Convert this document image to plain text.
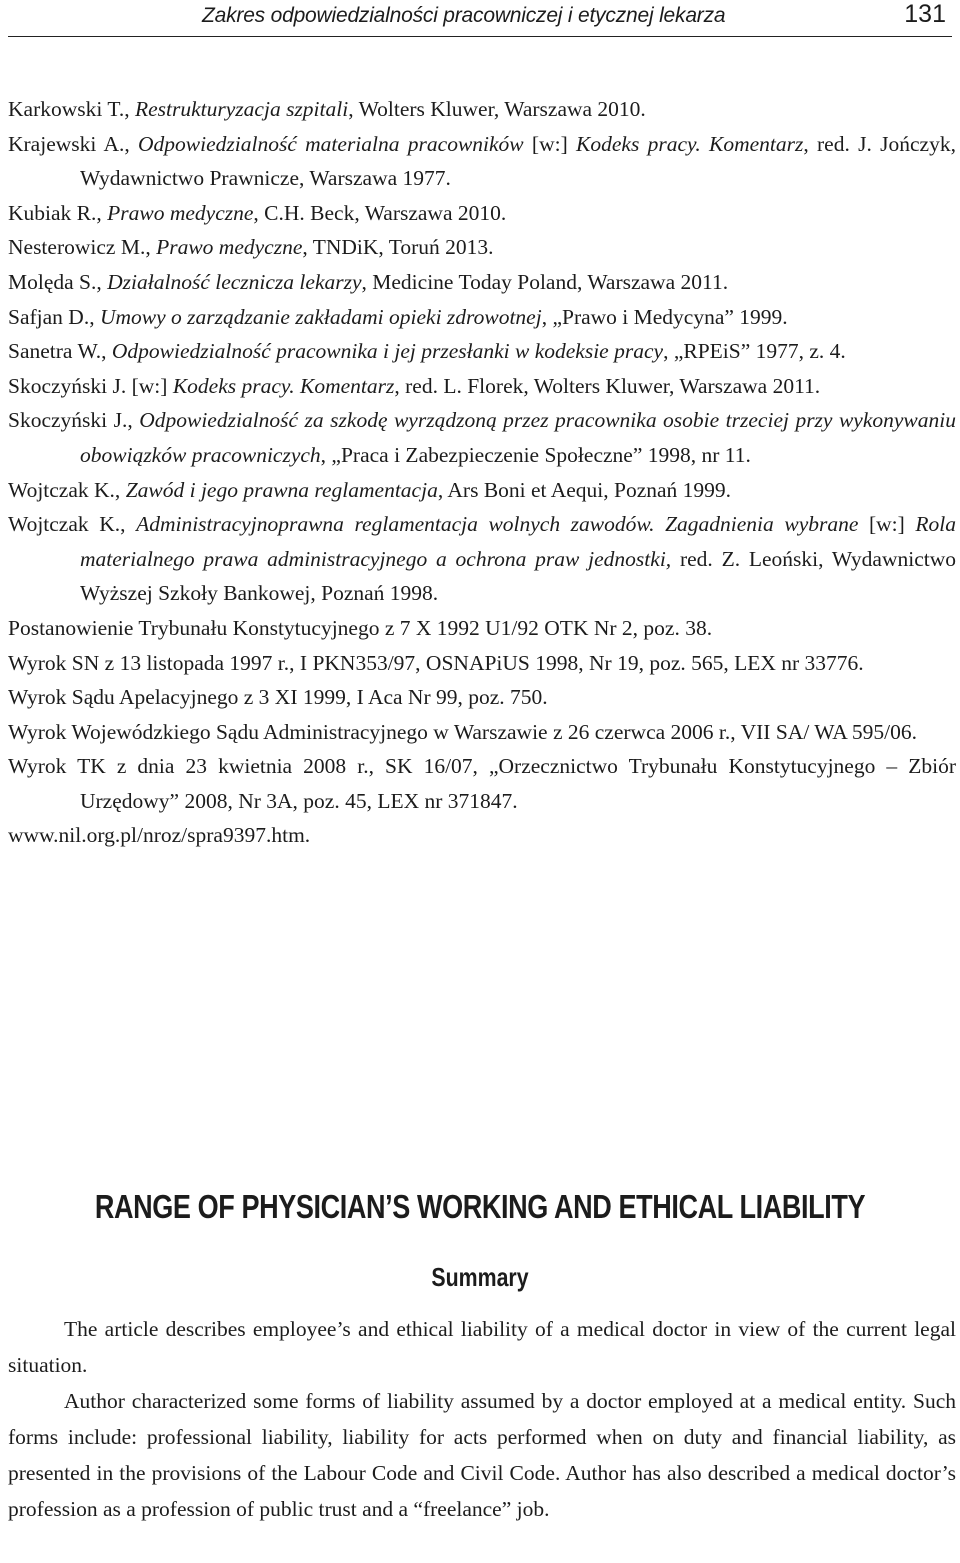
Zakres odpowiedzialności pracowniczej i etycznej lekarza	131
Karkowski T., Restrukturyzacja szpitali, Wolters Kluwer, Warszawa 2010.
Krajewski A., Odpowiedzialność materialna pracowników [w:] Kodeks pracy. Komentarz, red. J. Jończyk, Wydawnictwo Prawnicze, Warszawa 1977.
Kubiak R., Prawo medyczne, C.H. Beck, Warszawa 2010.
Nesterowicz M., Prawo medyczne, TNDiK, Toruń 2013.
Molęda S., Działalność lecznicza lekarzy, Medicine Today Poland, Warszawa 2011.
Safjan D., Umowy o zarządzanie zakładami opieki zdrowotnej, „Prawo i Medycyna” 1999.
Sanetra W., Odpowiedzialność pracownika i jej przesłanki w kodeksie pracy, „RPEiS” 1977, z. 4.
Skoczyński J. [w:] Kodeks pracy. Komentarz, red. L. Florek, Wolters Kluwer, Warszawa 2011.
Skoczyński J., Odpowiedzialność za szkodę wyrządzoną przez pracownika osobie trzeciej przy wykonywaniu obowiązków pracowniczych, „Praca i Zabezpieczenie Społeczne” 1998, nr 11.
Wojtczak K., Zawód i jego prawna reglamentacja, Ars Boni et Aequi, Poznań 1999.
Wojtczak K., Administracyjnoprawna reglamentacja wolnych zawodów. Zagadnienia wybrane [w:] Rola materialnego prawa administracyjnego a ochrona praw jednostki, red. Z. Leoński, Wydawnictwo Wyższej Szkoły Bankowej, Poznań 1998.
Postanowienie Trybunału Konstytucyjnego z 7 X 1992 U1/92 OTK Nr 2, poz. 38.
Wyrok SN z 13 listopada 1997 r., I PKN353/97, OSNAPiUS 1998, Nr 19, poz. 565, LEX nr 33776.
Wyrok Sądu Apelacyjnego z 3 XI 1999, I Aca Nr 99, poz. 750.
Wyrok Wojewódzkiego Sądu Administracyjnego w Warszawie z 26 czerwca 2006 r., VII SA/ WA 595/06.
Wyrok TK z dnia 23 kwietnia 2008 r., SK 16/07, „Orzecznictwo Trybunału Konstytucyjnego – Zbiór Urzędowy” 2008, Nr 3A, poz. 45, LEX nr 371847.
www.nil.org.pl/nroz/spra9397.htm.
RANGE OF PHYSICIAN’S WORKING AND ETHICAL LIABILITY
Summary

The article describes employee’s and ethical liability of a medical doctor in view of the current legal situation.

Author characterized some forms of liability assumed by a doctor employed at a medical entity. Such forms include: professional liability, liability for acts performed when on duty and financial liability, as presented in the provisions of the Labour Code and Civil Code. Author has also described a medical doctor’s profession as a profession of public trust and a “freelance” job.
